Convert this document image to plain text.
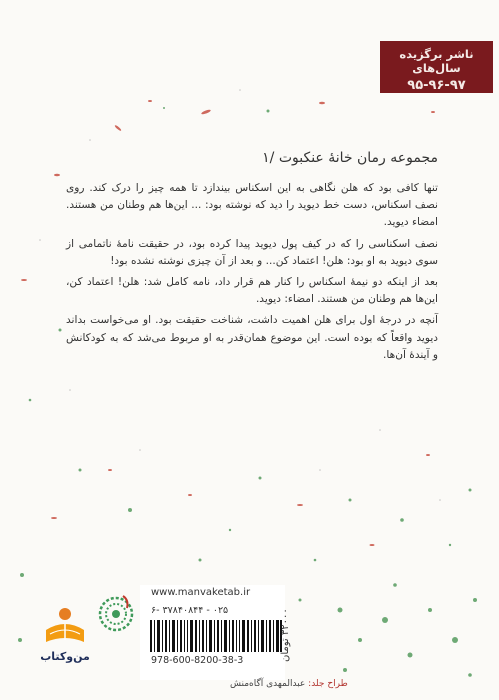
ناشر برگزیده سال‌های
۹۵-۹۶-۹۷
مجموعه رمان خانهٔ عنکبوت /۱

تنها کافی بود که هلن نگاهی به این اسکناس بیندازد تا همه چیز را درک کند. روی نصف اسکناس، دست خط دیوید را دید که نوشته بود: ... این‌ها هم وطنان من هستند. امضاء دیوید.

نصف اسکناسی را که در کیف پول دیوید پیدا کرده بود، در حقیقت نامهٔ ناتمامی از سوی دیوید به او بود: هلن! اعتماد کن... و بعد از آن چیزی نوشته نشده بود!

بعد از اینکه دو نیمهٔ اسکناس را کنار هم قرار داد، نامه کامل شد: هلن! اعتماد کن، این‌ها هم وطنان من هستند. امضاء: دیوید.

آنچه در درجهٔ اول برای هلن اهمیت داشت، شناخت حقیقت بود. او می‌خواست بداند دیوید واقعاً که بوده است. این موضوع همان‌قدر به او مربوط می‌شد که به کودکانش و آیندهٔ آن‌ها.

www.manvaketab.ir
۶- ۳۷۸۴۰۸۴۴ - ۰۲۵
978-600-8200-38-3	۳۲۰۰۰ تومان
طراح جلد: عبدالمهدی آگاه‌منش
من‌وکتاب
